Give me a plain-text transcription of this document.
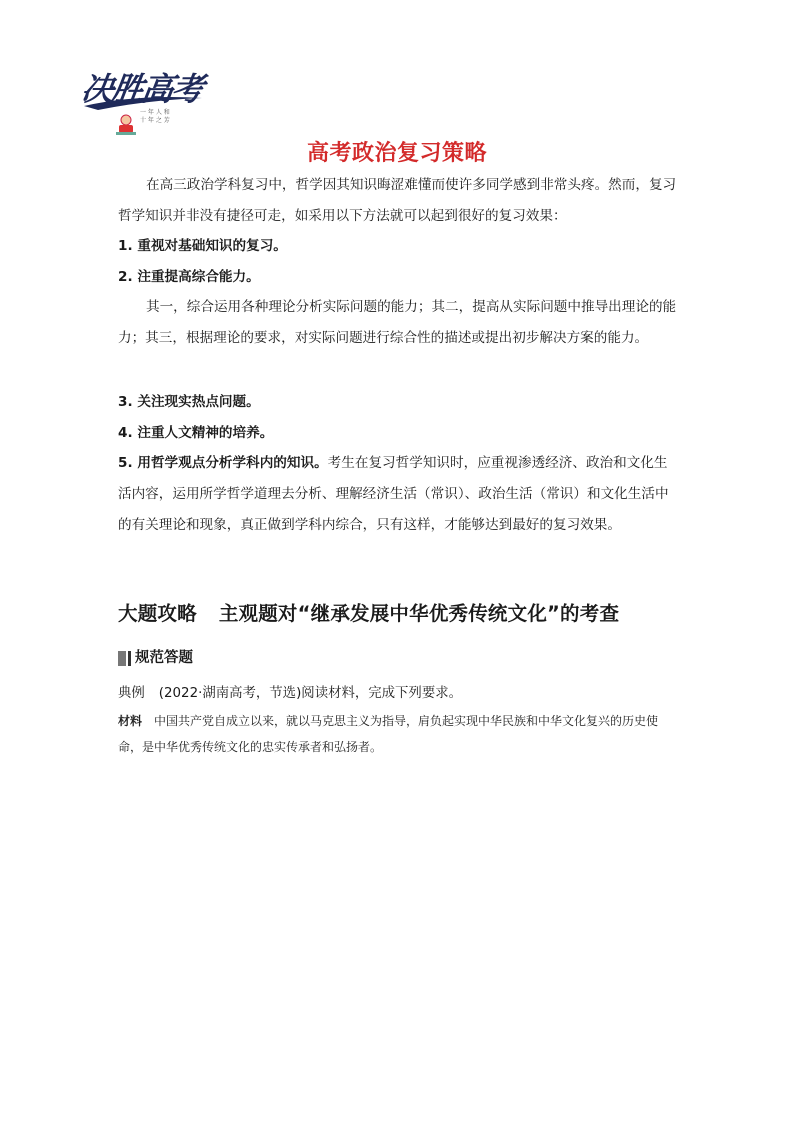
决胜高考
一 年 人 和
十 年 之 芳
高考政治复习策略
在高三政治学科复习中，哲学因其知识晦涩难懂而使许多同学感到非常头疼。然而，复习哲学知识并非没有捷径可走，如采用以下方法就可以起到很好的复习效果：
1. 重视对基础知识的复习。
2. 注重提高综合能力。
其一，综合运用各种理论分析实际问题的能力；其二，提高从实际问题中推导出理论的能力；其三，根据理论的要求，对实际问题进行综合性的描述或提出初步解决方案的能力。
3. 关注现实热点问题。
4. 注重人文精神的培养。
5. 用哲学观点分析学科内的知识。考生在复习哲学知识时，应重视渗透经济、政治和文化生活内容，运用所学哲学道理去分析、理解经济生活（常识）、政治生活（常识）和文化生活中的有关理论和现象，真正做到学科内综合，只有这样，才能够达到最好的复习效果。
大题攻略 主观题对“继承发展中华优秀传统文化”的考查
规范答题
典例 (2022·湖南高考，节选)阅读材料，完成下列要求。
材料 中国共产党自成立以来，就以马克思主义为指导，肩负起实现中华民族和中华文化复兴的历史使命，是中华优秀传统文化的忠实传承者和弘扬者。
